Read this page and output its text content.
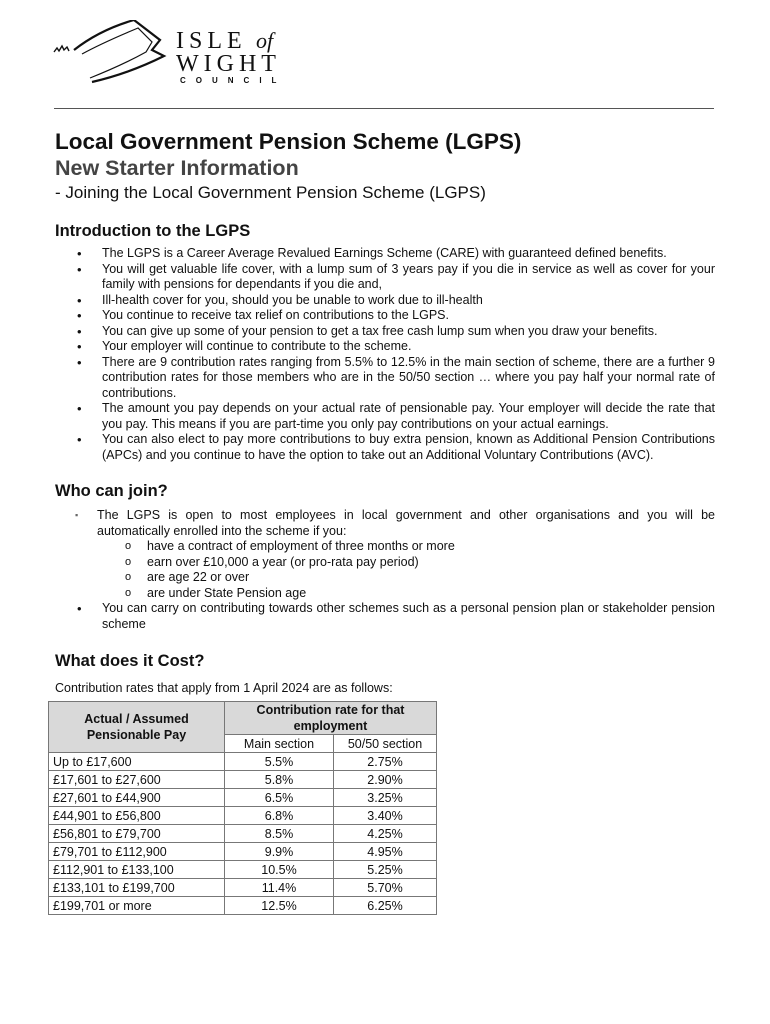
ISLE of
WIGHT
COUNCIL
Local Government Pension Scheme (LGPS)
New Starter Information
- Joining the Local Government Pension Scheme (LGPS)
Introduction to the LGPS
• The LGPS is a Career Average Revalued Earnings Scheme (CARE) with guaranteed defined benefits.
• You will get valuable life cover, with a lump sum of 3 years pay if you die in service as well as cover for your family with pensions for dependants if you die and,
• Ill-health cover for you, should you be unable to work due to ill-health
• You continue to receive tax relief on contributions to the LGPS.
• You can give up some of your pension to get a tax free cash lump sum when you draw your benefits.
• Your employer will continue to contribute to the scheme.
• There are 9 contribution rates ranging from 5.5% to 12.5% in the main section of scheme, there are a further 9 contribution rates for those members who are in the 50/50 section … where you pay half your normal rate of contributions.
• The amount you pay depends on your actual rate of pensionable pay. Your employer will decide the rate that you pay. This means if you are part-time you only pay contributions on your actual earnings.
• You can also elect to pay more contributions to buy extra pension, known as Additional Pension Contributions (APCs) and you continue to have the option to take out an Additional Voluntary Contributions (AVC).
Who can join?
▪ The LGPS is open to most employees in local government and other organisations and you will be automatically enrolled into the scheme if you:
o have a contract of employment of three months or more
o earn over £10,000 a year (or pro-rata pay period)
o are age 22 or over
o are under State Pension age
• You can carry on contributing towards other schemes such as a personal pension plan or stakeholder pension scheme
What does it Cost?

Contribution rates that apply from 1 April 2024 are as follows:

Actual / Assumed Pensionable Pay	Contribution rate for that employment	
	Main section	50/50 section
Up to £17,600	5.5%	2.75%
£17,601 to £27,600	5.8%	2.90%
£27,601 to £44,900	6.5%	3.25%
£44,901 to £56,800	6.8%	3.40%
£56,801 to £79,700	8.5%	4.25%
£79,701 to £112,900	9.9%	4.95%
£112,901 to £133,100	10.5%	5.25%
£133,101 to £199,700	11.4%	5.70%
£199,701 or more	12.5%	6.25%
